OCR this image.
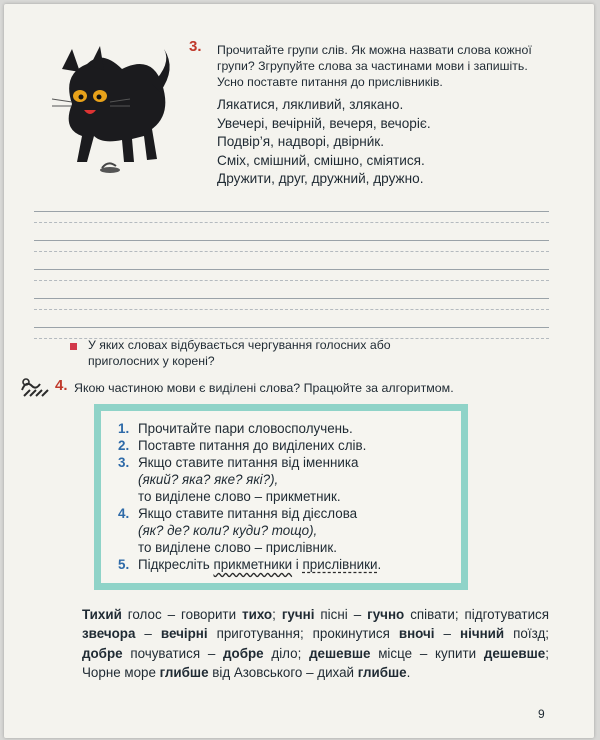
3. Прочитайте групи слів. Як можна назвати слова кожної групи? Згрупуйте слова за частинами мови і запишіть. Усно поставте питання до прислівників.
Лякатися, лякливий, злякано.
Увечері, вечірній, вечеря, вечоріє.
Подвір’я, надворі, двірни́к.
Сміх, смішний, смішно, сміятися.
Дружити, друг, дружний, дружно.
У яких словах відбувається чергування голосних або приголосних у корені?
4. Якою частиною мови є виділені слова? Працюйте за алгоритмом.
1. Прочитайте пари словосполучень.
2. Поставте питання до виділених слів.
3. Якщо ставите питання від іменника
(який? яка? яке? які?),
то виділене слово – прикметник.
4. Якщо ставите питання від дієслова
(як? де? коли? куди? тощо),
то виділене слово – прислівник.
5. Підкресліть прикметники і прислівники.
Тихий голос – говорити тихо; гучні пісні – гучно співати; підготуватися звечора – вечірні приготування; прокинутися вночі – нічний поїзд; добре почуватися – добре діло; дешевше місце – купити дешевше; Чорне море глибше від Азовського – дихай глибше.
9
